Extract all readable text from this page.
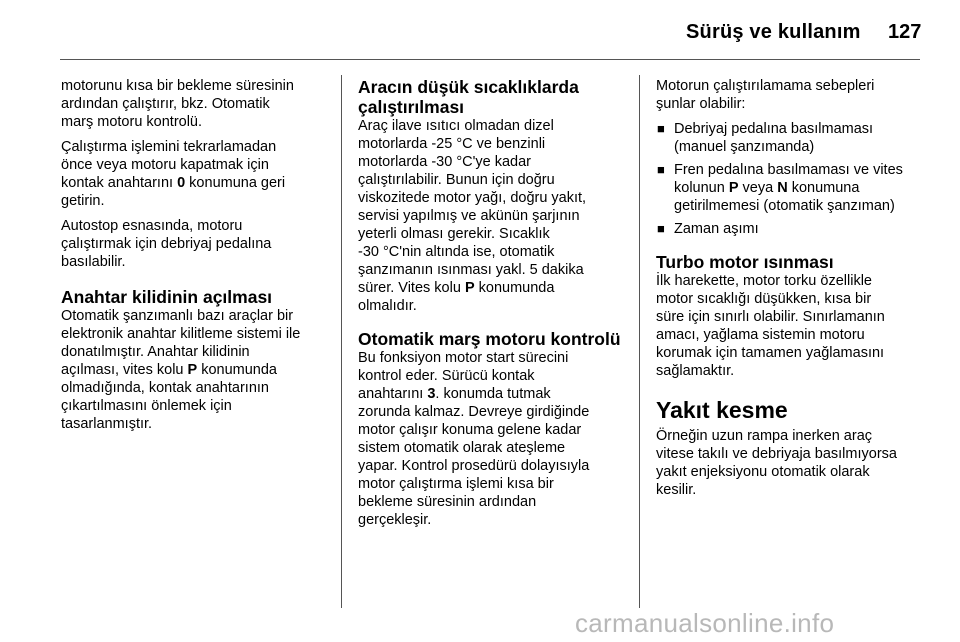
Sürüş ve kullanım 127

motorunu kısa bir bekleme süresinin
ardından çalıştırır, bkz. Otomatik
marş motoru kontrolü.

Çalıştırma işlemini tekrarlamadan
önce veya motoru kapatmak için
kontak anahtarını 0 konumuna geri
getirin.

Autostop esnasında, motoru
çalıştırmak için debriyaj pedalına
basılabilir.

Anahtar kilidinin açılması

Otomatik şanzımanlı bazı araçlar bir
elektronik anahtar kilitleme sistemi ile
donatılmıştır. Anahtar kilidinin
açılması, vites kolu P konumunda
olmadığında, kontak anahtarının
çıkartılmasını önlemek için
tasarlanmıştır.

Aracın düşük sıcaklıklarda
çalıştırılması

Araç ilave ısıtıcı olmadan dizel
motorlarda -25 °C ve benzinli
motorlarda -30 °C'ye kadar
çalıştırılabilir. Bunun için doğru
viskozitede motor yağı, doğru yakıt,
servisi yapılmış ve akünün şarjının
yeterli olması gerekir. Sıcaklık
-30 °C'nin altında ise, otomatik
şanzımanın ısınması yakl. 5 dakika
sürer. Vites kolu P konumunda
olmalıdır.

Otomatik marş motoru kontrolü

Bu fonksiyon motor start sürecini
kontrol eder. Sürücü kontak
anahtarını 3. konumda tutmak
zorunda kalmaz. Devreye girdiğinde
motor çalışır konuma gelene kadar
sistem otomatik olarak ateşleme
yapar. Kontrol prosedürü dolayısıyla
motor çalıştırma işlemi kısa bir
bekleme süresinin ardından
gerçekleşir.

Motorun çalıştırılamama sebepleri
şunlar olabilir:

■ Debriyaj pedalına basılmaması
(manuel şanzımanda)
■ Fren pedalına basılmaması ve vites
kolunun P veya N konumuna
getirilmemesi (otomatik şanzıman)
■ Zaman aşımı
Turbo motor ısınması

İlk harekette, motor torku özellikle
motor sıcaklığı düşükken, kısa bir
süre için sınırlı olabilir. Sınırlamanın
amacı, yağlama sistemin motoru
korumak için tamamen yağlamasını
sağlamaktır.

Yakıt kesme

Örneğin uzun rampa inerken araç
vitese takılı ve debriyaja basılmıyorsa
yakıt enjeksiyonu otomatik olarak
kesilir.

carmanualsonline.info
